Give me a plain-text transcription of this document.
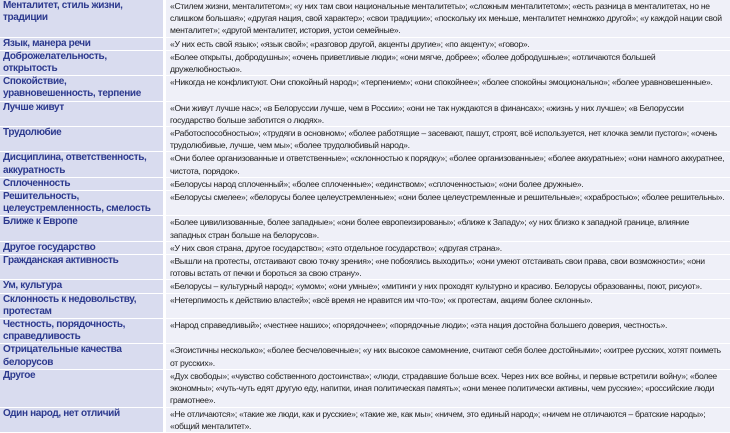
Менталитет, стиль жизни, традиции	«Стилем жизни, менталитетом»; «у них там свои национальные менталитеты»; «сложным менталитетом»; «есть разница в менталитетах, но не слишком большая»; «другая нация, свой характер»; «свои традиции»; «поскольку их меньше, менталитет немножко другой»; «у каждой нации свой менталитет»; «другой менталитет, история, устои семейные».
Язык, манера речи	«У них есть свой язык»; «язык свой»; «разговор другой, акценты другие»; «по акценту»; «говор».
Доброжелательность, открытость	«Более открыты, добродушны»; «очень приветливые люди»; «они мягче, добрее»; «более добродушные»; «отличаются большей дружелюбностью».
Спокойствие, уравновешенность, терпение	«Никогда не конфликтуют. Они спокойный народ»; «терпением»; «они спокойнее»; «более спокойны эмоционально»; «более уравновешенные».
Лучше живут	«Они живут лучше нас»; «в Белоруссии лучше, чем в России»; «они не так нуждаются в финансах»; «жизнь у них лучше»; «в Белоруссии государство больше заботится о людях».
Трудолюбие	«Работоспособностью»; «трудяги в основном»; «более работящие – засевают, пашут, строят, всё используется, нет клочка земли пустого»; «очень трудолюбивые, лучше, чем мы»; «более трудолюбивый народ».
Дисциплина, ответственность, аккуратность	«Они более организованные и ответственные»; «склонностью к порядку»; «более организованные»; «более аккуратные»; «они намного аккуратнее, чистота, порядок».
Сплоченность	«Белорусы народ сплоченный»; «более сплоченные»; «единством»; «сплоченностью»; «они более дружные».
Решительность, целеустремленность, смелость	«Белорусы смелее»; «белорусы более целеустремленные»; «они более целеустремленные и решительные»; «храбростью»; «более решительны».
Ближе к Европе	«Более цивилизованные, более западные»; «они более европеизированы»; «ближе к Западу»; «у них близко к западной границе, влияние западных стран больше на белорусов».
Другое государство	«У них своя страна, другое государство»; «это отдельное государство»; «другая страна».
Гражданская активность	«Вышли на протесты, отстаивают свою точку зрения»; «не побоялись выходить»; «они умеют отстаивать свои права, свои возможности»; «они готовы встать от печки и бороться за свою страну».
Ум, культура	«Белорусы – культурный народ»; «умом»; «они умные»; «митинги у них проходят культурно и красиво. Белорусы образованны, поют, рисуют».
Склонность к недовольству, протестам	«Нетерпимость к действию властей»; «всё время не нравится им что-то»; «к протестам, акциям более склонны».
Честность, порядочность, справедливость	«Народ справедливый»; «честнее наших»; «порядочнее»; «порядочные люди»; «эта нация достойна большего доверия, честность».
Отрицательные качества белорусов	«Эгоистичны несколько»; «более бесчеловечные»; «у них высокое самомнение, считают себя более достойными»; «хитрее русских, хотят поиметь от русских».
Другое	«Дух свободы»; «чувство собственного достоинства»; «люди, страдавшие больше всех. Через них все войны, и первые встретили войну»; «более экономны»; «чуть-чуть едят другую еду, напитки, иная политическая память»; «они менее политически активны, чем русские»; «российские люди грамотнее».
Один народ, нет отличий	«Не отличаются»; «такие же люди, как и русские»; «такие же, как мы»; «ничем, это единый народ»; «ничем не отличаются – братские народы»; «общий менталитет».
